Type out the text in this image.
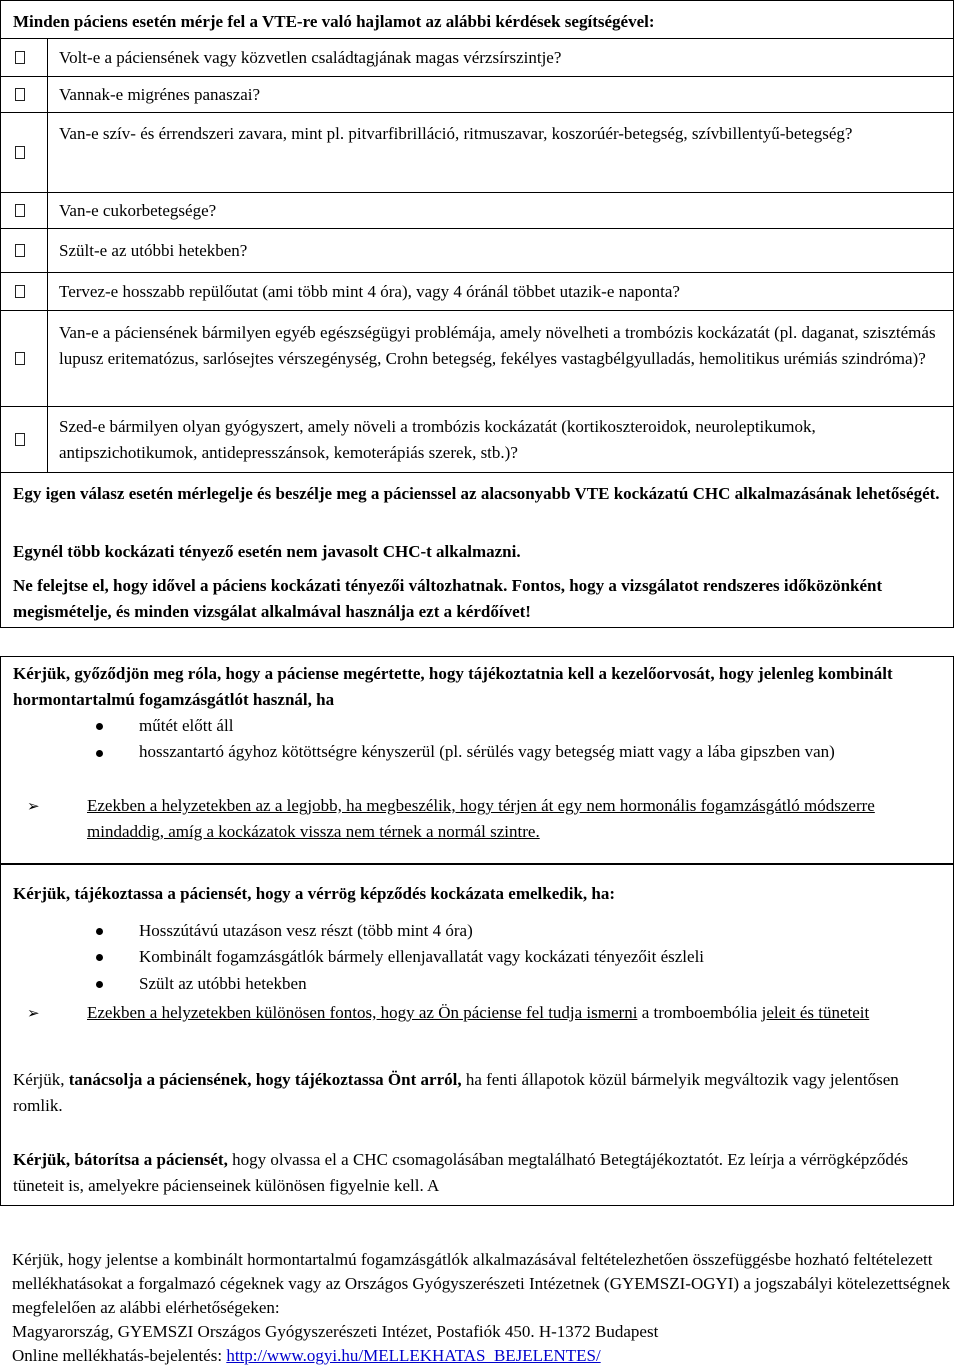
Minden páciens esetén mérje fel a VTE-re való hajlamot az alábbi kérdések segítségével:
Volt-e a páciensének vagy közvetlen családtagjának magas vérzsírszintje?
Vannak-e migrénes panaszai?
Van-e szív- és érrendszeri zavara, mint pl. pitvarfibrilláció, ritmuszavar, koszorúér-betegség, szívbillentyű-betegség?
Van-e cukorbetegsége?
Szült-e az utóbbi hetekben?
Tervez-e hosszabb repülőutat (ami több mint 4 óra), vagy 4 óránál többet utazik-e naponta?
Van-e a páciensének bármilyen egyéb egészségügyi problémája, amely növelheti a trombózis kockázatát (pl. daganat, szisztémás lupusz eritematózus, sarlósejtes vérszegénység, Crohn betegség, fekélyes vastagbélgyulladás, hemolitikus urémiás szindróma)?
Szed-e bármilyen olyan gyógyszert, amely növeli a trombózis kockázatát (kortikoszteroidok, neuroleptikumok, antipszichotikumok, antidepresszánsok, kemoterápiás szerek, stb.)?
Egy igen válasz esetén mérlegelje és beszélje meg a pácienssel az alacsonyabb VTE kockázatú CHC alkalmazásának lehetőségét.
Egynél több kockázati tényező esetén nem javasolt CHC-t alkalmazni.
Ne felejtse el, hogy idővel a páciens kockázati tényezői változhatnak. Fontos, hogy a vizsgálatot rendszeres időközönként megismételje, és minden vizsgálat alkalmával használja ezt a kérdőívet!
Kérjük, győződjön meg róla, hogy a páciense megértette, hogy tájékoztatnia kell a kezelőorvosát, hogy jelenleg kombinált hormontartalmú fogamzásgátlót használ, ha
műtét előtt áll
hosszantartó ágyhoz kötöttségre kényszerül (pl. sérülés vagy betegség miatt vagy a lába gipszben van)
➢	Ezekben a helyzetekben az a legjobb, ha megbeszélik, hogy térjen át egy nem hormonális fogamzásgátló módszerre mindaddig, amíg a kockázatok vissza nem térnek a normál szintre.
Kérjük, tájékoztassa a páciensét, hogy a vérrög képződés kockázata emelkedik, ha:
Hosszútávú utazáson vesz részt (több mint 4 óra)
Kombinált fogamzásgátlók bármely ellenjavallatát vagy kockázati tényezőit észleli
Szült az utóbbi hetekben
➢	Ezekben a helyzetekben különösen fontos, hogy az Ön páciense fel tudja ismerni a tromboembólia jeleit és tüneteit
Kérjük, tanácsolja a páciensének, hogy tájékoztassa Önt arról, ha fenti állapotok közül bármelyik megváltozik vagy jelentősen romlik.
Kérjük, bátorítsa a páciensét, hogy olvassa el a CHC csomagolásában megtalálható Betegtájékoztatót. Ez leírja a vérrögképződés tüneteit is, amelyekre pácienseinek különösen figyelnie kell. A
Kérjük, hogy jelentse a kombinált hormontartalmú fogamzásgátlók alkalmazásával feltételezhetően összefüggésbe hozható feltételezett mellékhatásokat a forgalmazó cégeknek vagy az Országos Gyógyszerészeti Intézetnek (GYEMSZI-OGYI) a jogszabályi kötelezettségnek megfelelően az alábbi elérhetőségeken:
Magyarország, GYEMSZI Országos Gyógyszerészeti Intézet, Postafiók 450. H-1372 Budapest
Online mellékhatás-bejelentés: http://www.ogyi.hu/MELLEKHATAS_BEJELENTES/
